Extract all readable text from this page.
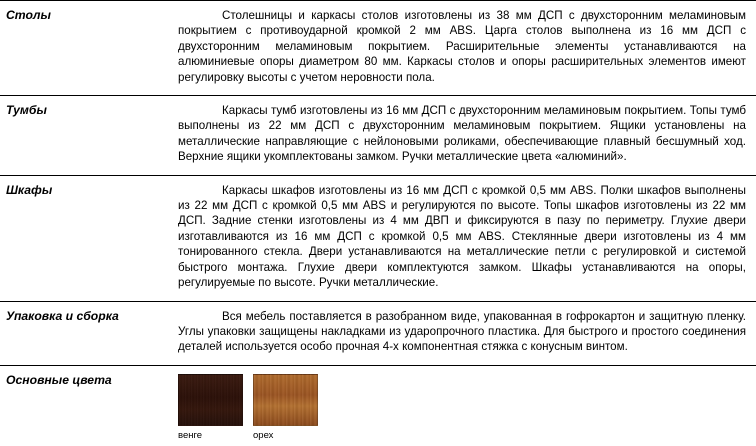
Столы	Столешницы и каркасы столов изготовлены из 38 мм ДСП с двухсторонним меламиновым покрытием с противоударной кромкой 2 мм ABS. Царга столов выполнена из 16 мм ДСП с двухсторонним меламиновым покрытием. Расширительные элементы устанавливаются на алюминиевые опоры диаметром 80 мм. Каркасы столов и опоры расширительных элементов имеют регулировку высоты с учетом неровности пола.

Тумбы	Каркасы тумб изготовлены из 16 мм ДСП с двухсторонним меламиновым покрытием. Топы тумб выполнены из 22 мм ДСП с двухсторонним меламиновым покрытием. Ящики установлены на металлические направляющие с нейлоновыми роликами, обеспечивающие плавный бесшумный ход. Верхние ящики укомплектованы замком. Ручки металлические цвета «алюминий».

Шкафы	Каркасы шкафов изготовлены из 16 мм ДСП с кромкой 0,5 мм ABS. Полки шкафов выполнены из 22 мм ДСП с кромкой 0,5 мм ABS и регулируются по высоте. Топы шкафов изготовлены из 22 мм ДСП. Задние стенки изготовлены из 4 мм ДВП и фиксируются в пазу по периметру. Глухие двери изготавливаются из 16 мм ДСП с кромкой 0,5 мм ABS. Стеклянные двери изготовлены из 4 мм тонированного стекла. Двери устанавливаются на металлические петли с регулировкой и системой быстрого монтажа. Глухие двери комплектуются замком. Шкафы устанавливаются на опоры, регулируемые по высоте. Ручки металлические.

Упаковка и сборка	Вся мебель поставляется в разобранном виде, упакованная в гофрокартон и защитную пленку. Углы упаковки защищены накладками из ударопрочного пластика. Для быстрого и простого соединения деталей используется особо прочная 4-х компонентная стяжка с конусным винтом.

Основные цвета	венге орех
